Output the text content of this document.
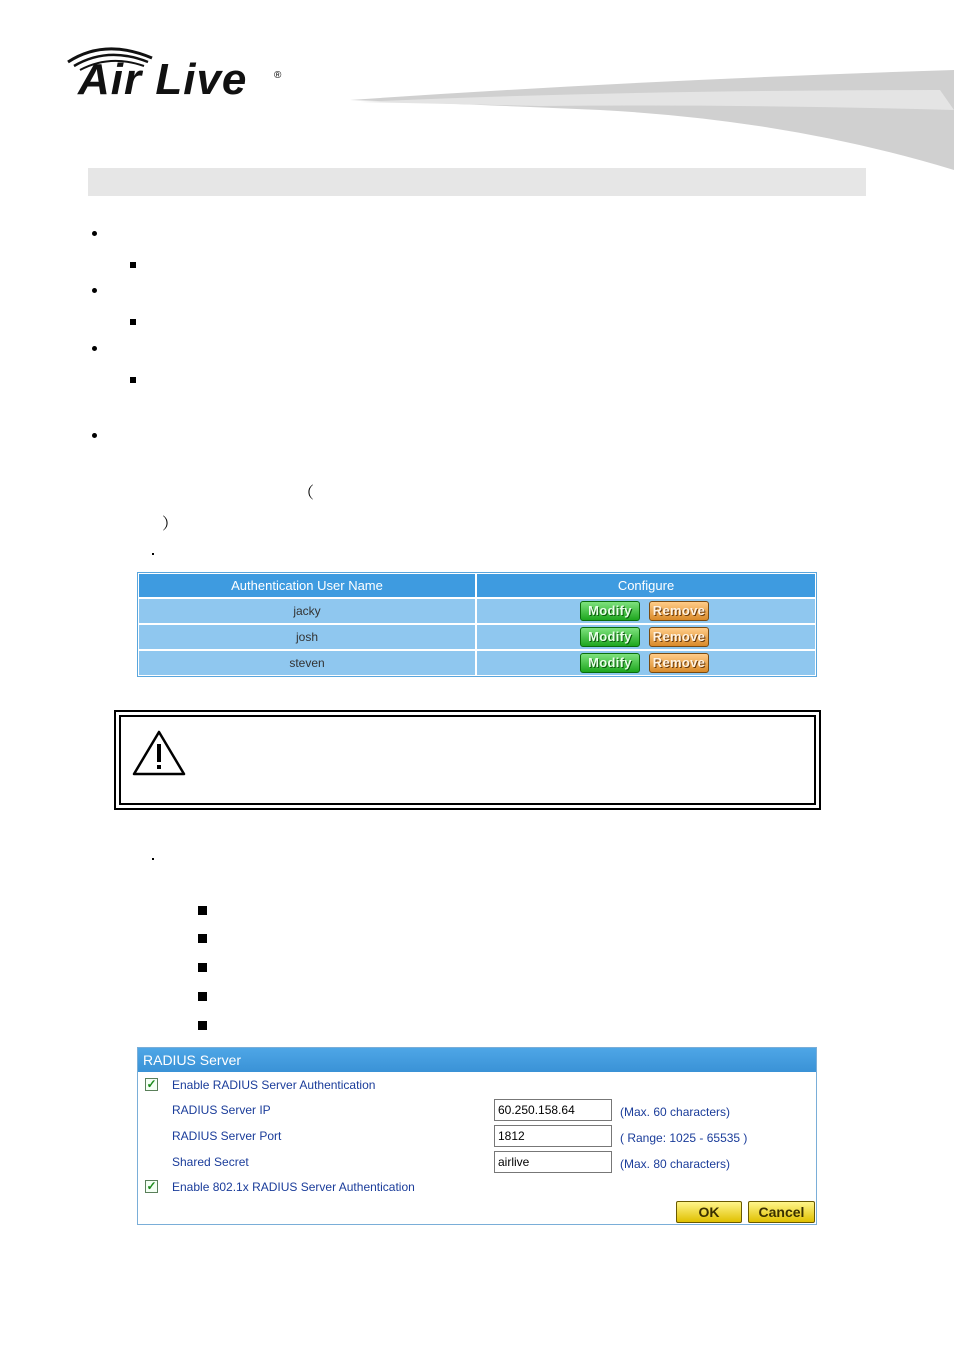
Air Live	®
（
）
Authentication User Name	Configure
jacky	Modify	Remove
josh	Modify	Remove
steven	Modify	Remove
RADIUS Server
✓ Enable RADIUS Server Authentication
RADIUS Server IP	60.250.158.64	(Max. 60 characters)
RADIUS Server Port	1812	( Range: 1025 - 65535 )
Shared Secret	airlive	(Max. 80 characters)
✓ Enable 802.1x RADIUS Server Authentication
OK	Cancel
